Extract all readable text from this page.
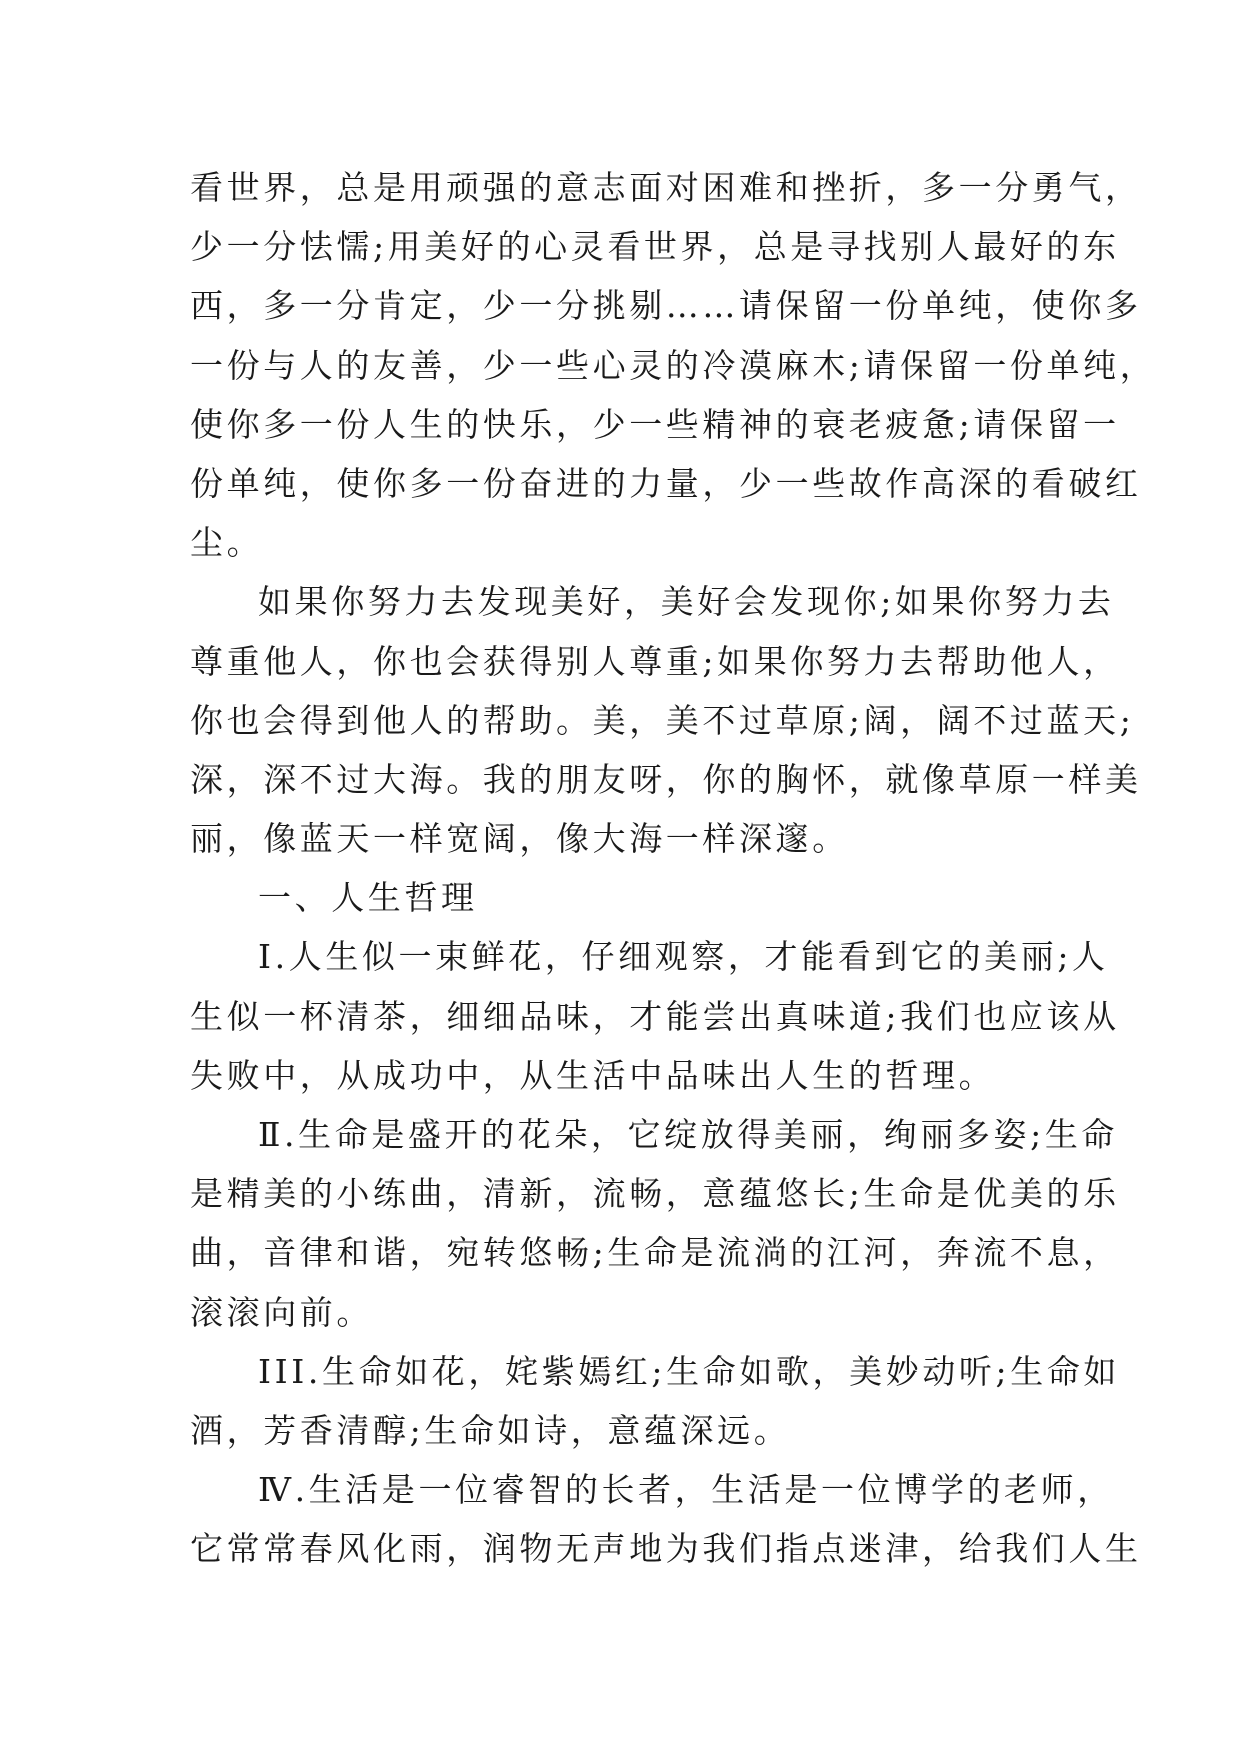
看世界，总是用顽强的意志面对困难和挫折，多一分勇气，
少一分怯懦;用美好的心灵看世界，总是寻找别人最好的东
西，多一分肯定，少一分挑剔……请保留一份单纯，使你多
一份与人的友善，少一些心灵的冷漠麻木;请保留一份单纯，
使你多一份人生的快乐，少一些精神的衰老疲惫;请保留一
份单纯，使你多一份奋进的力量，少一些故作高深的看破红
尘。
如果你努力去发现美好，美好会发现你;如果你努力去
尊重他人，你也会获得别人尊重;如果你努力去帮助他人，
你也会得到他人的帮助。美，美不过草原;阔，阔不过蓝天;
深，深不过大海。我的朋友呀，你的胸怀，就像草原一样美
丽，像蓝天一样宽阔，像大海一样深邃。
一、人生哲理
Ⅰ.人生似一束鲜花，仔细观察，才能看到它的美丽;人
生似一杯清茶，细细品味，才能尝出真味道;我们也应该从
失败中，从成功中，从生活中品味出人生的哲理。
Ⅱ.生命是盛开的花朵，它绽放得美丽，绚丽多姿;生命
是精美的小练曲，清新，流畅，意蕴悠长;生命是优美的乐
曲，音律和谐，宛转悠畅;生命是流淌的江河，奔流不息，
滚滚向前。
III.生命如花，姹紫嫣红;生命如歌，美妙动听;生命如
酒，芳香清醇;生命如诗，意蕴深远。
Ⅳ.生活是一位睿智的长者，生活是一位博学的老师，
它常常春风化雨，润物无声地为我们指点迷津，给我们人生
